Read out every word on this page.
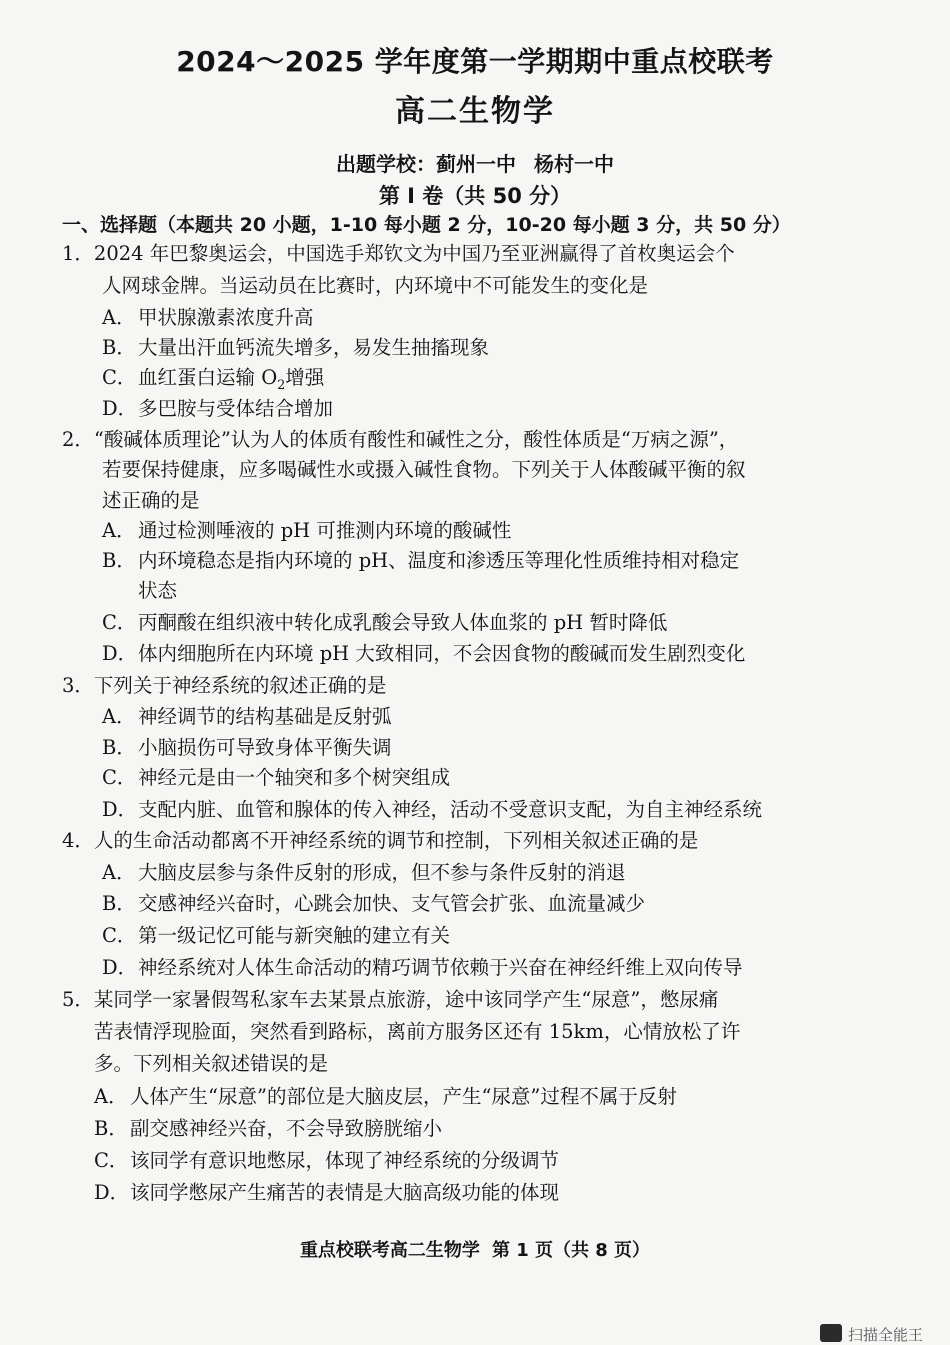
2024～2025 学年度第一学期期中重点校联考
高二生物学
出题学校：蓟州一中 杨村一中
第 I 卷（共 50 分）
一、选择题（本题共 20 小题，1-10 每小题 2 分，10-20 每小题 3 分，共 50 分）
1．2024 年巴黎奥运会，中国选手郑钦文为中国乃至亚洲赢得了首枚奥运会个
人网球金牌。当运动员在比赛时，内环境中不可能发生的变化是
A． 甲状腺激素浓度升高
B． 大量出汗血钙流失增多，易发生抽搐现象
C．血红蛋白运输 $O_2$增强
D．多巴胺与受体结合增加
2．“酸碱体质理论”认为人的体质有酸性和碱性之分，酸性体质是“万病之源”，
若要保持健康，应多喝碱性水或摄入碱性食物。下列关于人体酸碱平衡的叙
述正确的是
A． 通过检测唾液的 pH 可推测内环境的酸碱性
B． 内环境稳态是指内环境的 pH、温度和渗透压等理化性质维持相对稳定
状态
C．丙酮酸在组织液中转化成乳酸会导致人体血浆的 pH 暂时降低
D．体内细胞所在内环境 pH 大致相同，不会因食物的酸碱而发生剧烈变化
3．下列关于神经系统的叙述正确的是
A． 神经调节的结构基础是反射弧
B． 小脑损伤可导致身体平衡失调
C．神经元是由一个轴突和多个树突组成
D．支配内脏、血管和腺体的传入神经，活动不受意识支配，为自主神经系统
4．人的生命活动都离不开神经系统的调节和控制，下列相关叙述正确的是
A． 大脑皮层参与条件反射的形成，但不参与条件反射的消退
B． 交感神经兴奋时，心跳会加快、支气管会扩张、血流量减少
C．第一级记忆可能与新突触的建立有关
D．神经系统对人体生命活动的精巧调节依赖于兴奋在神经纤维上双向传导
5．某同学一家暑假驾私家车去某景点旅游，途中该同学产生“尿意”，憋尿痛
苦表情浮现脸面，突然看到路标，离前方服务区还有 15km，心情放松了许
多。下列相关叙述错误的是
A． 人体产生“尿意”的部位是大脑皮层，产生“尿意”过程不属于反射
B． 副交感神经兴奋，不会导致膀胱缩小
C．该同学有意识地憋尿，体现了神经系统的分级调节
D．该同学憋尿产生痛苦的表情是大脑高级功能的体现
重点校联考高二生物学 第 1 页（共 8 页）
扫描全能王
